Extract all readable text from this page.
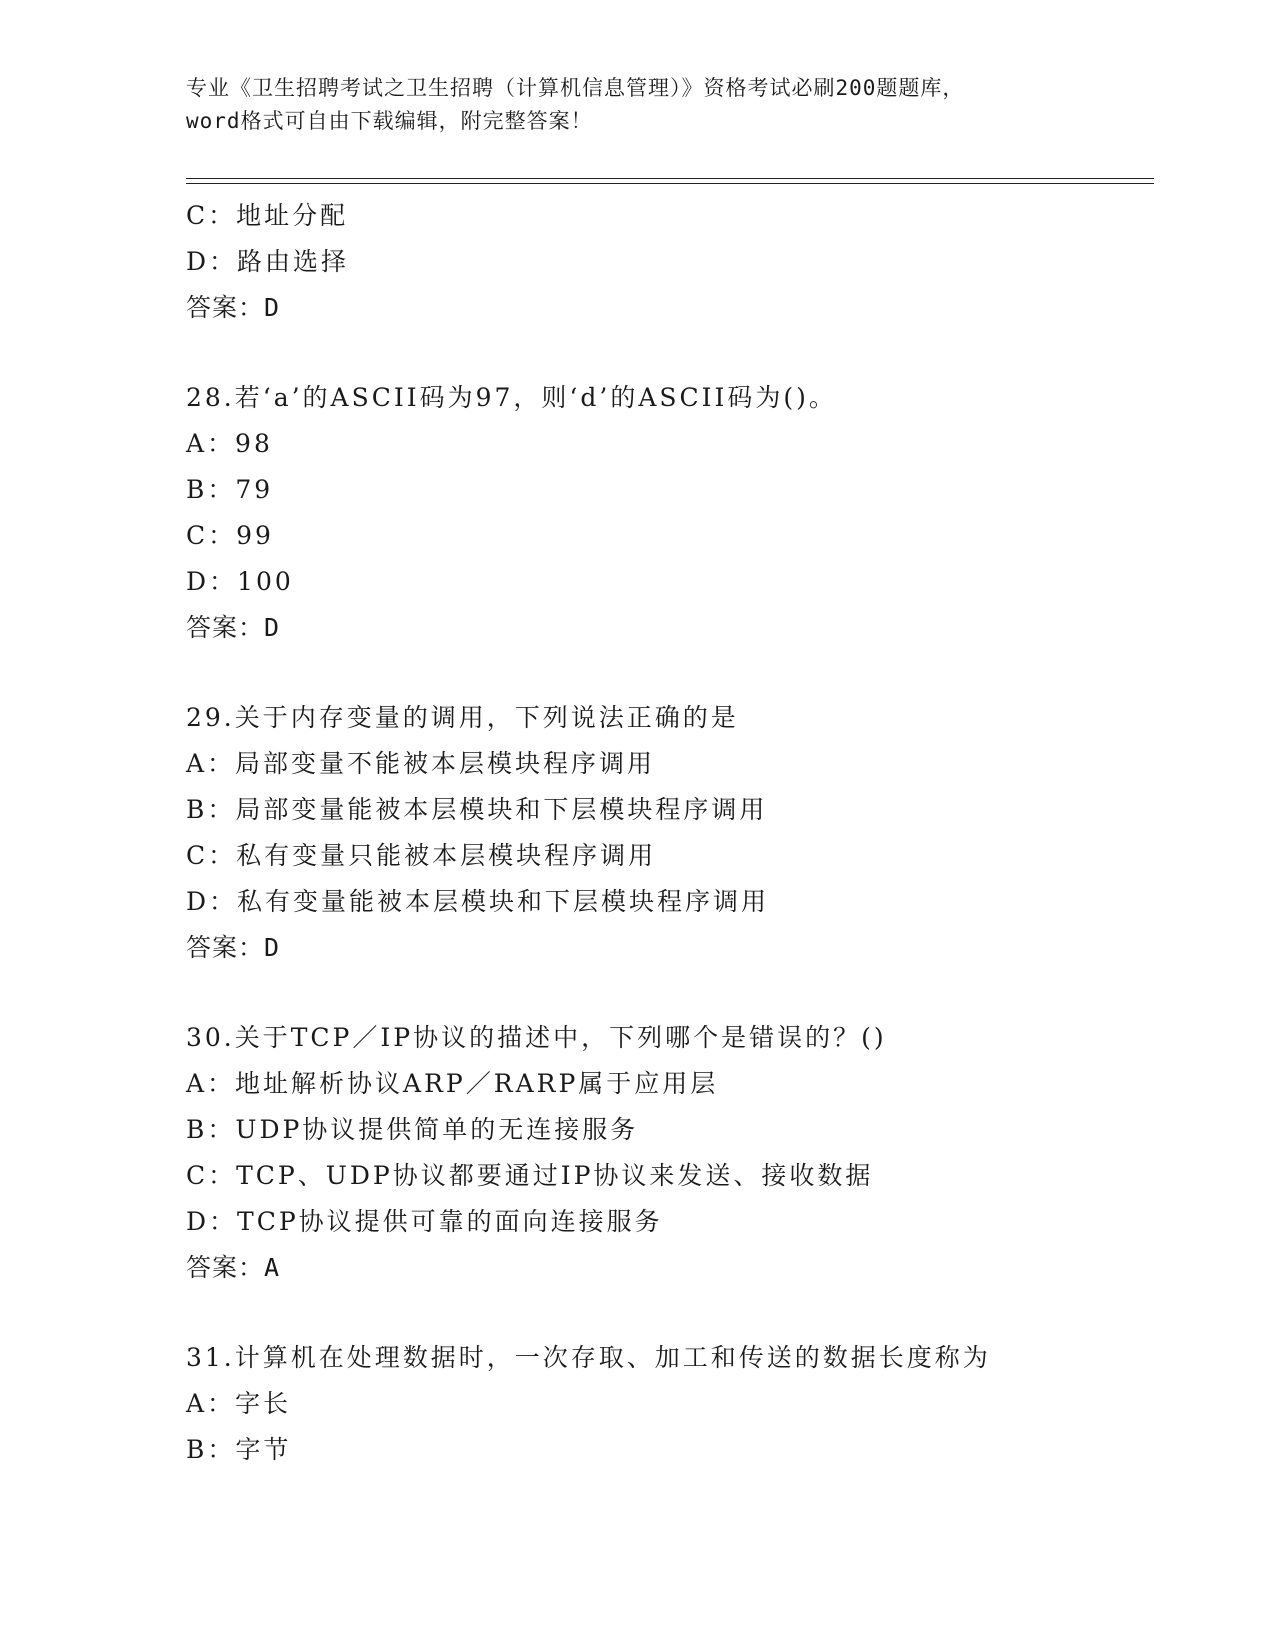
专业《卫生招聘考试之卫生招聘（计算机信息管理）》资格考试必刷200题题库，
word格式可自由下载编辑，附完整答案！
C：地址分配
D：路由选择
答案：D
28.若‘a’的ASCII码为97，则‘d’的ASCII码为()。
A：98
B：79
C：99
D：100
答案：D
29.关于内存变量的调用，下列说法正确的是
A：局部变量不能被本层模块程序调用
B：局部变量能被本层模块和下层模块程序调用
C：私有变量只能被本层模块程序调用
D：私有变量能被本层模块和下层模块程序调用
答案：D
30.关于TCP／IP协议的描述中，下列哪个是错误的？()
A：地址解析协议ARP／RARP属于应用层
B：UDP协议提供简单的无连接服务
C：TCP、UDP协议都要通过IP协议来发送、接收数据
D：TCP协议提供可靠的面向连接服务
答案：A
31.计算机在处理数据时，一次存取、加工和传送的数据长度称为
A：字长
B：字节
